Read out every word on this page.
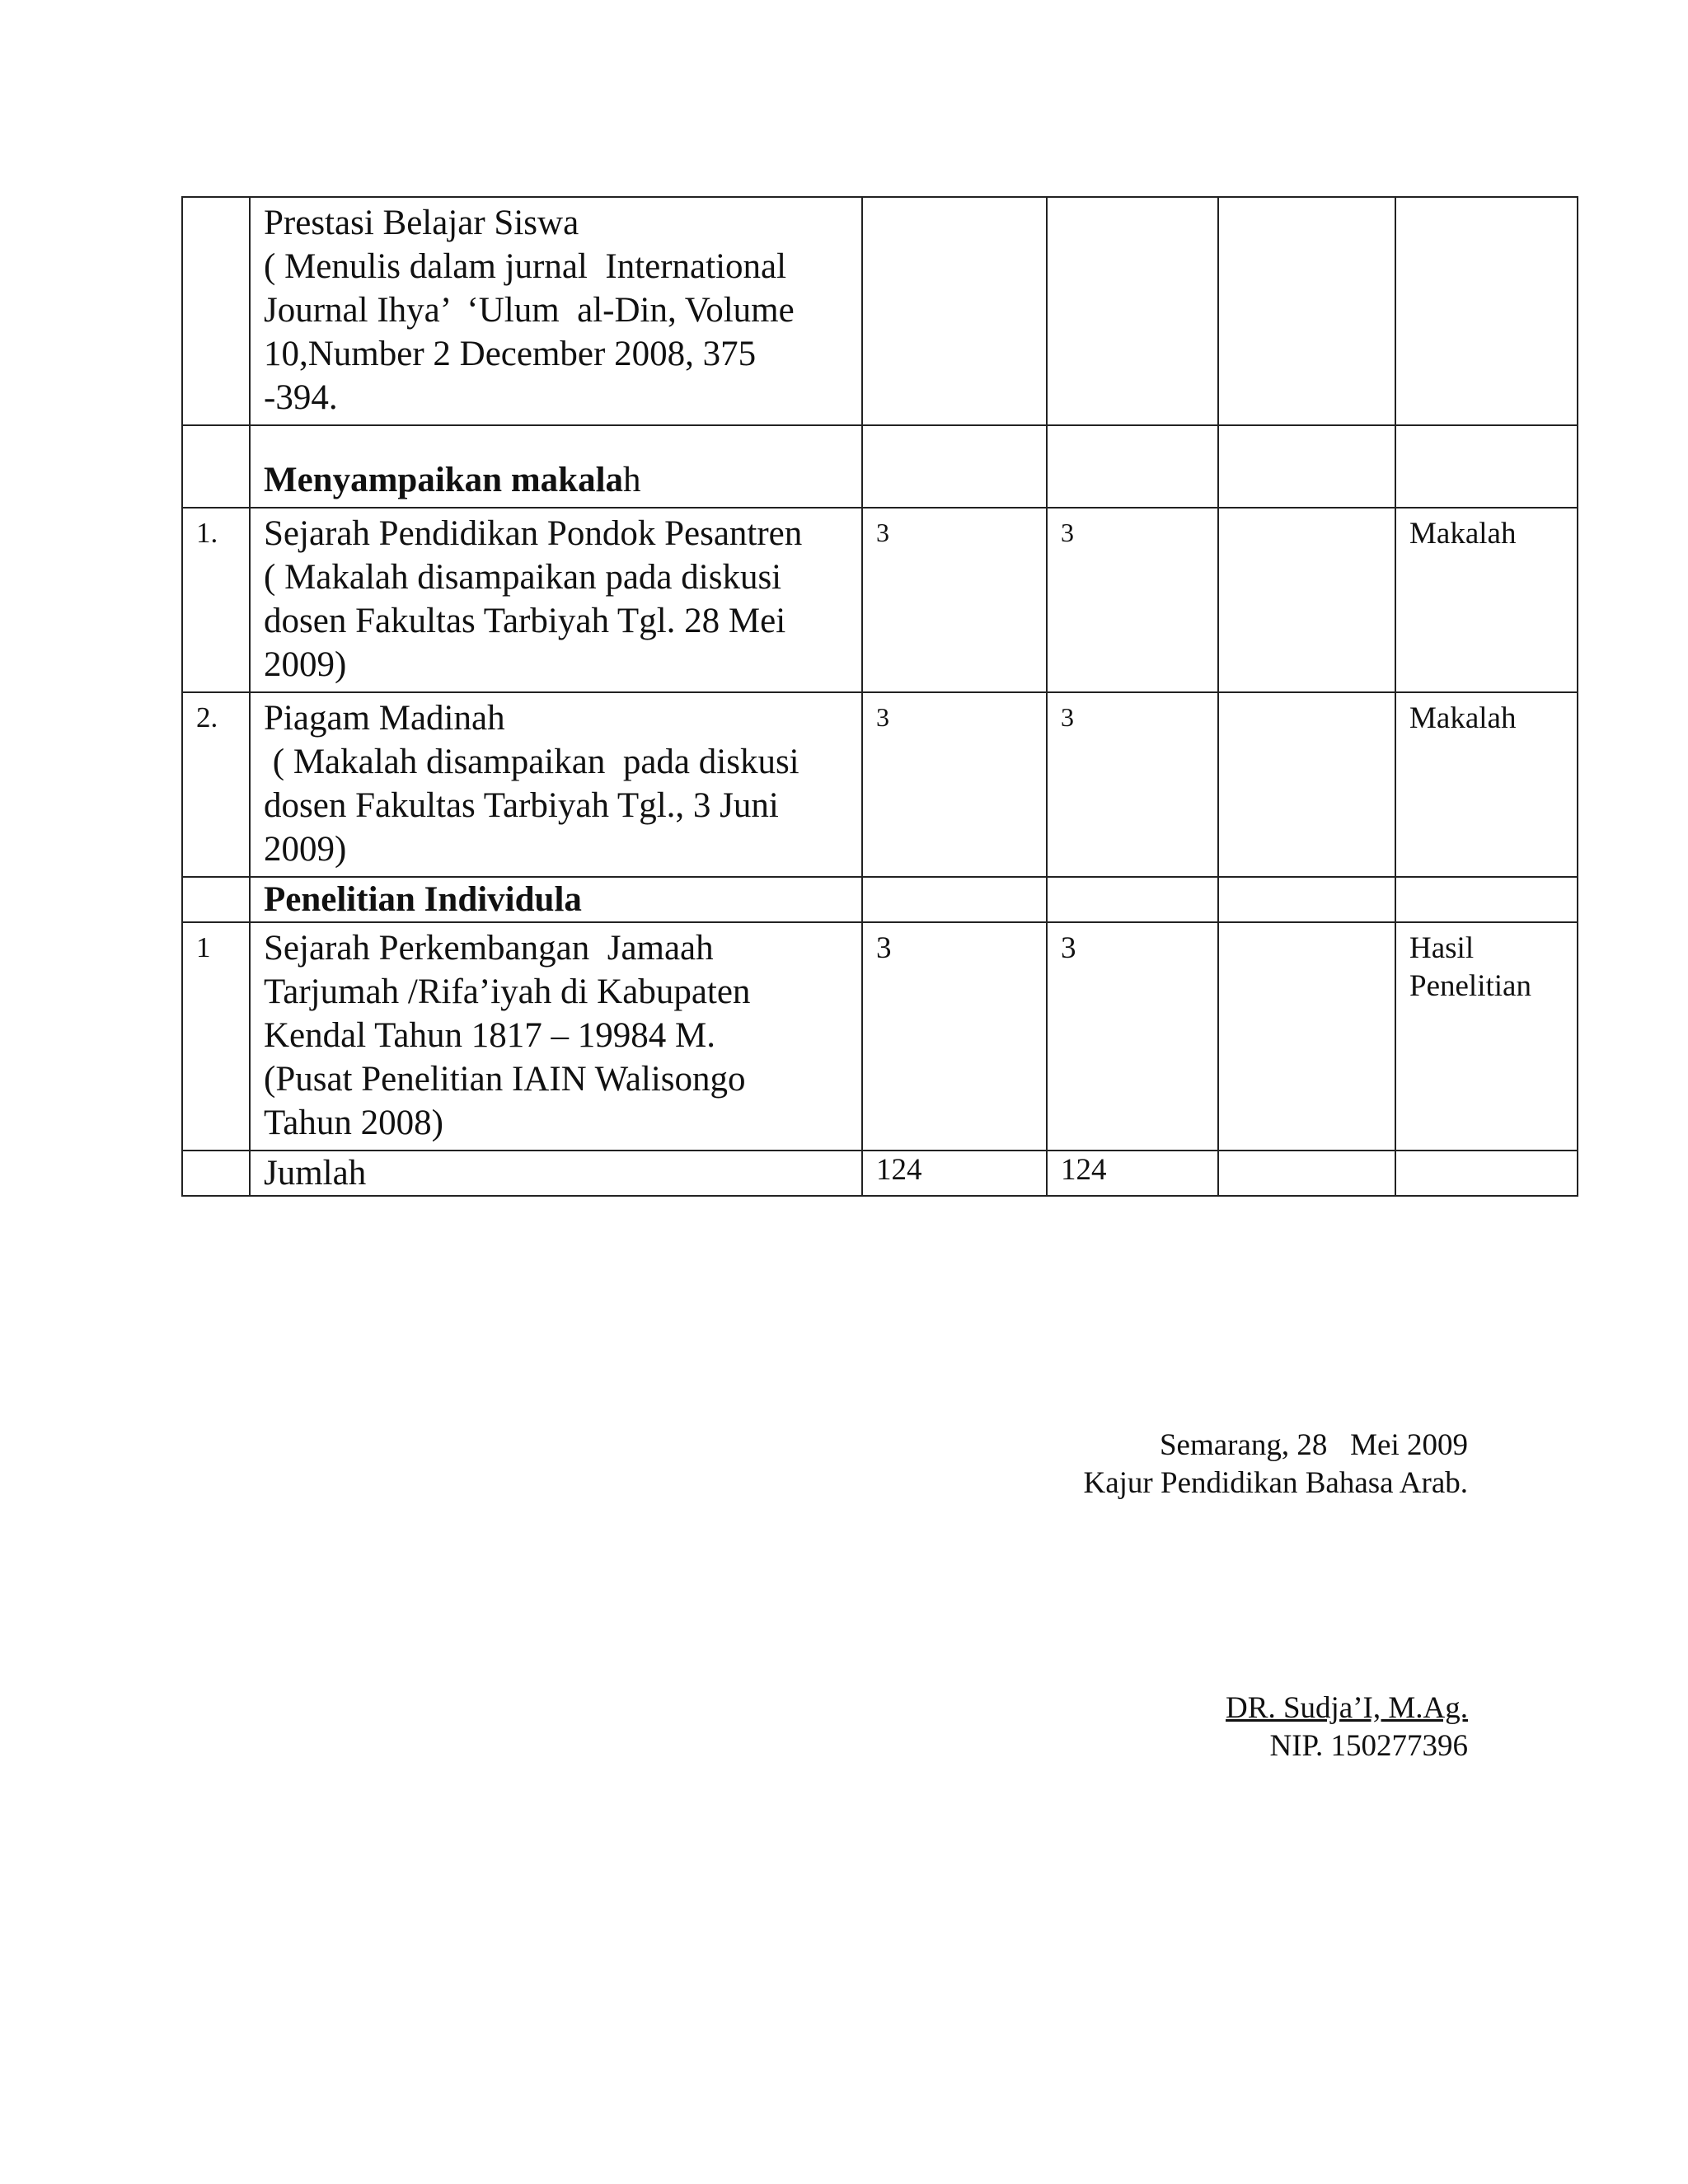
	Prestasi Belajar Siswa
( Menulis dalam jurnal  International
Journal Ihya’  ‘Ulum  al-Din, Volume
10,Number 2 December 2008, 375
-394.				

	Menyampaikan makalah				
1.	Sejarah Pendidikan Pondok Pesantren
( Makalah disampaikan pada diskusi
dosen Fakultas Tarbiyah Tgl. 28 Mei
2009)	3	3		Makalah
2.	Piagam Madinah
( Makalah disampaikan  pada diskusi
dosen Fakultas Tarbiyah Tgl., 3 Juni
2009)	3	3		Makalah
	Penelitian Individula				
1	Sejarah Perkembangan  Jamaah
Tarjumah /Rifa’iyah di Kabupaten
Kendal Tahun 1817 – 19984 M.
(Pusat Penelitian IAIN Walisongo
Tahun 2008)	3	3		Hasil
Penelitian

	Jumlah	124	124		
Semarang, 28   Mei 2009
Kajur Pendidikan Bahasa Arab.
DR. Sudja’I, M.Ag.
NIP. 150277396
